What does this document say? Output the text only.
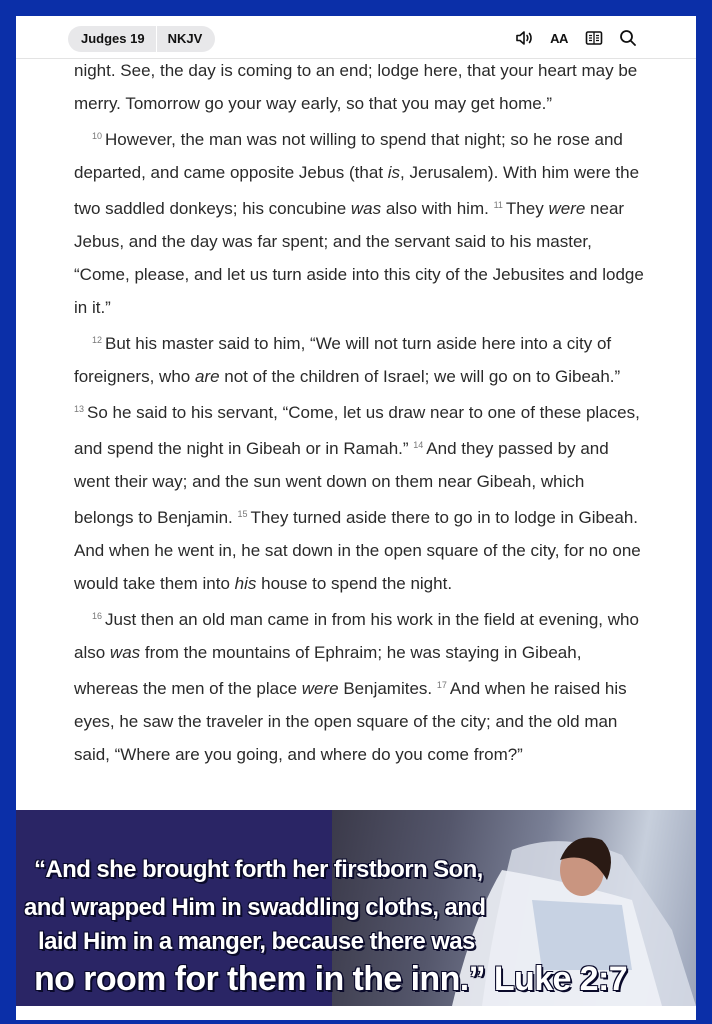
Judges 19	NKJV	AA

night. See, the day is coming to an end; lodge here, that your heart may be merry. Tomorrow go your way early, so that you may get home.”

$^{10}$ However, the man was not willing to spend that night; so he rose and departed, and came opposite Jebus (that is, Jerusalem). With him were the two saddled donkeys; his concubine was also with him. $^{11}$ They were near Jebus, and the day was far spent; and the servant said to his master, “Come, please, and let us turn aside into this city of the Jebusites and lodge in it.”

$^{12}$ But his master said to him, “We will not turn aside here into a city of foreigners, who are not of the children of Israel; we will go on to Gibeah.” $^{13}$ So he said to his servant, “Come, let us draw near to one of these places, and spend the night in Gibeah or in Ramah.” $^{14}$ And they passed by and went their way; and the sun went down on them near Gibeah, which belongs to Benjamin. $^{15}$ They turned aside there to go in to lodge in Gibeah. And when he went in, he sat down in the open square of the city, for no one would take them into his house to spend the night.

$^{16}$ Just then an old man came in from his work in the field at evening, who also was from the mountains of Ephraim; he was staying in Gibeah, whereas the men of the place were Benjamites. $^{17}$ And when he raised his eyes, he saw the traveler in the open square of the city; and the old man said, “Where are you going, and where do you come from?”

“And she brought forth her firstborn Son,
and wrapped Him in swaddling cloths, and
laid Him in a manger, because there was
no room for them in the inn.” Luke 2:7
